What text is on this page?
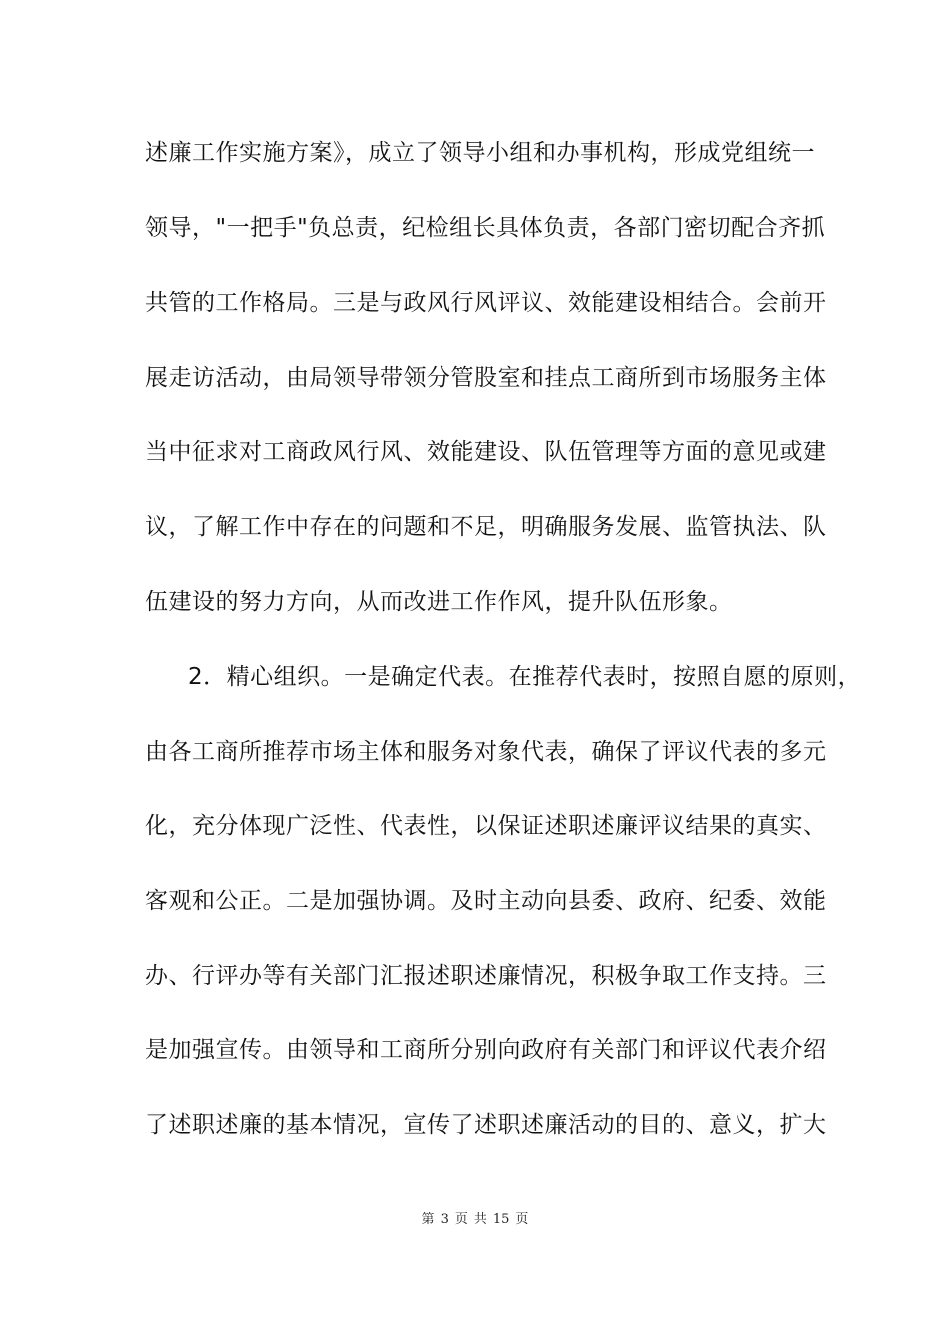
述廉工作实施方案》，成立了领导小组和办事机构，形成党组统一
领导，"一把手"负总责，纪检组长具体负责，各部门密切配合齐抓
共管的工作格局。三是与政风行风评议、效能建设相结合。会前开
展走访活动，由局领导带领分管股室和挂点工商所到市场服务主体
当中征求对工商政风行风、效能建设、队伍管理等方面的意见或建
议，了解工作中存在的问题和不足，明确服务发展、监管执法、队
伍建设的努力方向，从而改进工作作风，提升队伍形象。
2．精心组织。一是确定代表。在推荐代表时，按照自愿的原则，
由各工商所推荐市场主体和服务对象代表，确保了评议代表的多元
化，充分体现广泛性、代表性，以保证述职述廉评议结果的真实、
客观和公正。二是加强协调。及时主动向县委、政府、纪委、效能
办、行评办等有关部门汇报述职述廉情况，积极争取工作支持。三
是加强宣传。由领导和工商所分别向政府有关部门和评议代表介绍
了述职述廉的基本情况，宣传了述职述廉活动的目的、意义，扩大
第 3 页 共 15 页
